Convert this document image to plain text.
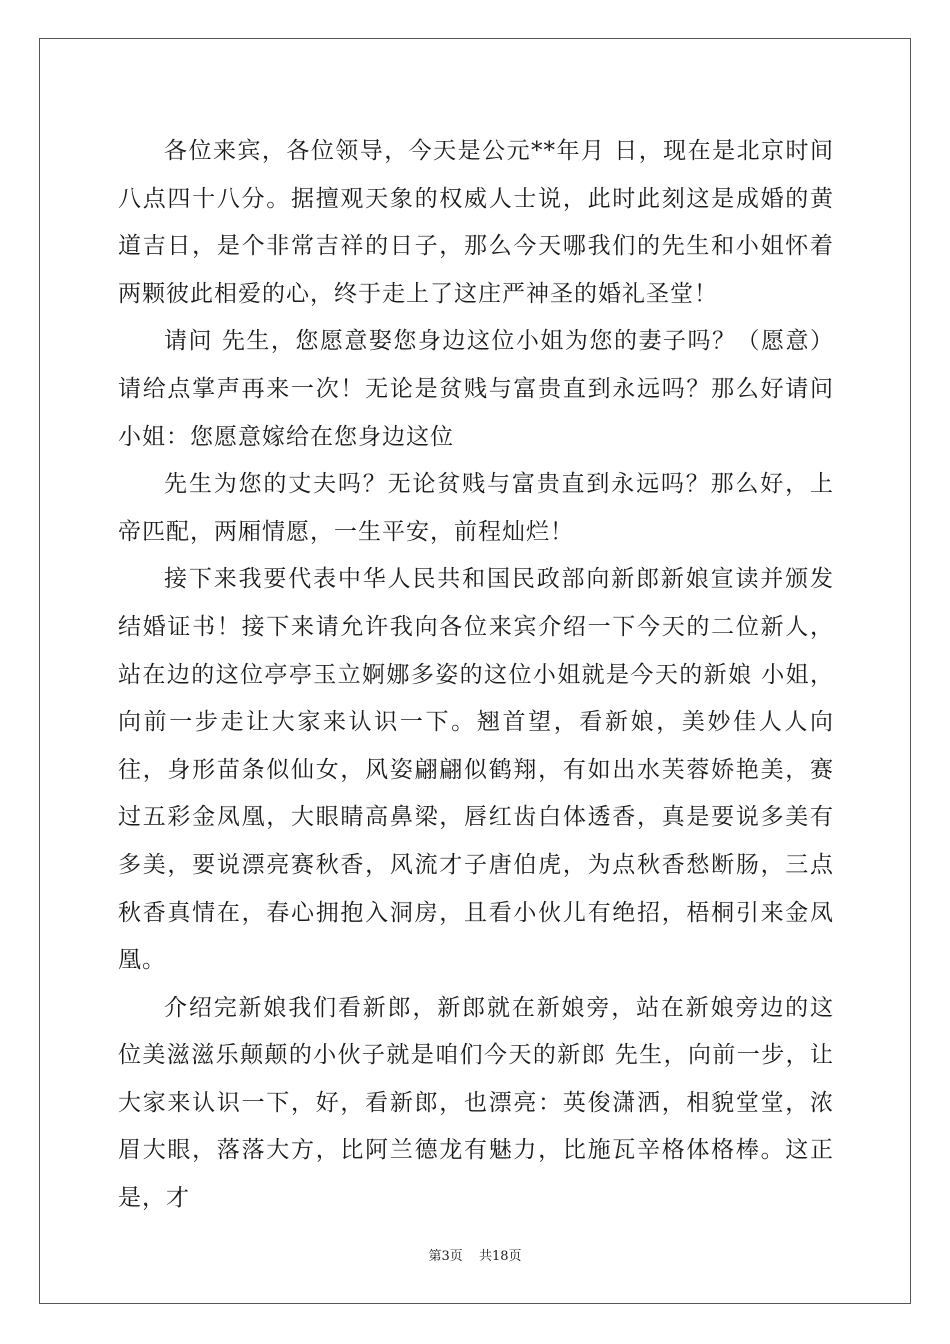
各位来宾，各位领导，今天是公元**年月 日，现在是北京时间八点四十八分。据擅观天象的权威人士说，此时此刻这是成婚的黄道吉日，是个非常吉祥的日子，那么今天哪我们的先生和小姐怀着两颗彼此相爱的心，终于走上了这庄严神圣的婚礼圣堂！

请问 先生，您愿意娶您身边这位小姐为您的妻子吗？（愿意）请给点掌声再来一次！无论是贫贱与富贵直到永远吗？那么好请问小姐：您愿意嫁给在您身边这位

先生为您的丈夫吗？无论贫贱与富贵直到永远吗？那么好，上帝匹配，两厢情愿，一生平安，前程灿烂！

接下来我要代表中华人民共和国民政部向新郎新娘宣读并颁发结婚证书！接下来请允许我向各位来宾介绍一下今天的二位新人，站在边的这位亭亭玉立婀娜多姿的这位小姐就是今天的新娘 小姐，向前一步走让大家来认识一下。翘首望，看新娘，美妙佳人人向往，身形苗条似仙女，风姿翩翩似鹤翔，有如出水芙蓉娇艳美，赛过五彩金凤凰，大眼睛高鼻梁，唇红齿白体透香，真是要说多美有多美，要说漂亮赛秋香，风流才子唐伯虎，为点秋香愁断肠，三点秋香真情在，春心拥抱入洞房，且看小伙儿有绝招，梧桐引来金凤凰。

介绍完新娘我们看新郎，新郎就在新娘旁，站在新娘旁边的这位美滋滋乐颠颠的小伙子就是咱们今天的新郎 先生，向前一步，让大家来认识一下，好，看新郎，也漂亮：英俊潇洒，相貌堂堂，浓眉大眼，落落大方，比阿兰德龙有魅力，比施瓦辛格体格棒。这正是，才

第3页 共18页
